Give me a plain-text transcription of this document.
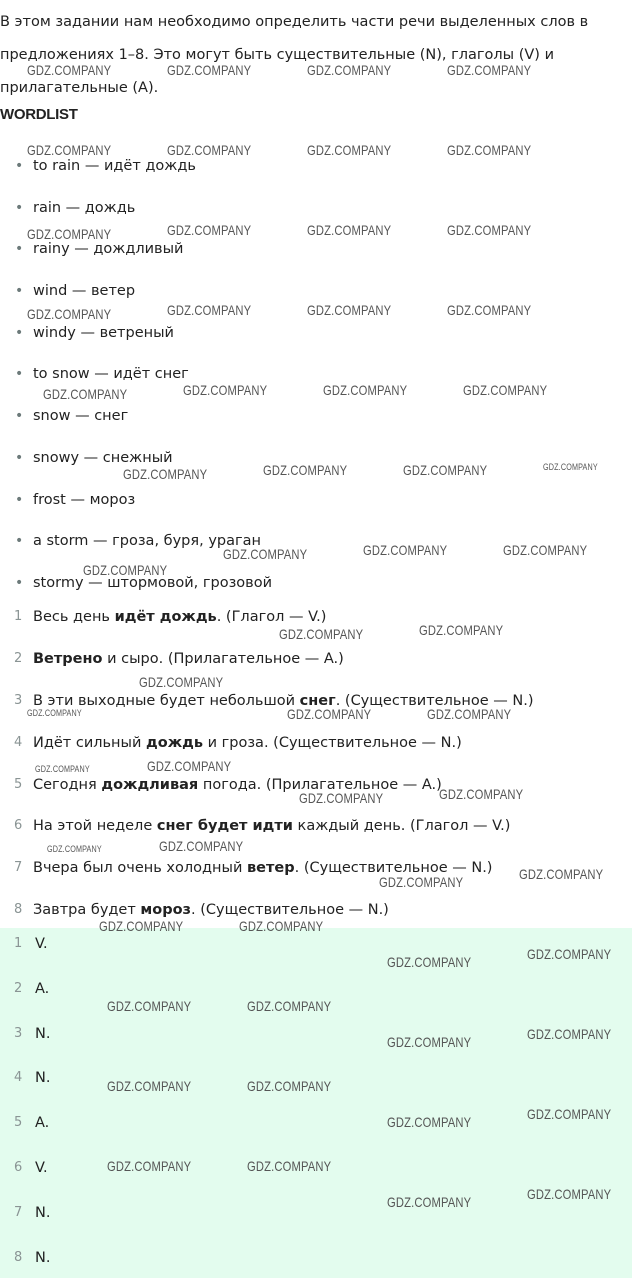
В этом задании нам необходимо определить части речи выделенных слов в предложениях 1–8. Это могут быть существительные (N), глаголы (V) и прилагательные (A).

WORDLIST
• to rain — идёт дождь
• rain — дождь
• rainy — дождливый
• wind — ветер
• windy — ветреный
• to snow — идёт снег
• snow — снег
• snowy — снежный
• frost — мороз
• a storm — гроза, буря, ураган
• stormy — штормовой, грозовой
1 Весь день идёт дождь. (Глагол — V.)
2 Ветрено и сыро. (Прилагательное — A.)
3 В эти выходные будет небольшой снег. (Существительное — N.)
4 Идёт сильный дождь и гроза. (Существительное — N.)
5 Сегодня дождливая погода. (Прилагательное — A.)
6 На этой неделе снег будет идти каждый день. (Глагол — V.)
7 Вчера был очень холодный ветер. (Существительное — N.)
8 Завтра будет мороз. (Существительное — N.)
1 V.
2 A.
3 N.
4 N.
5 A.
6 V.
7 N.
8 N.
GDZ.COMPANY	GDZ.COMPANY	GDZ.COMPANY	GDZ.COMPANY
GDZ.COMPANY	GDZ.COMPANY	GDZ.COMPANY	GDZ.COMPANY
GDZ.COMPANY	GDZ.COMPANY	GDZ.COMPANY	GDZ.COMPANY
GDZ.COMPANY	GDZ.COMPANY	GDZ.COMPANY	GDZ.COMPANY
GDZ.COMPANY	GDZ.COMPANY	GDZ.COMPANY	GDZ.COMPANY
GDZ.COMPANY	GDZ.COMPANY	GDZ.COMPANY	GDZ.COMPANY
GDZ.COMPANY	GDZ.COMPANY	GDZ.COMPANY
GDZ.COMPANY
GDZ.COMPANY	GDZ.COMPANY
GDZ.COMPANY
GDZ.COMPANY	GDZ.COMPANY	GDZ.COMPANY
GDZ.COMPANY	GDZ.COMPANY
GDZ.COMPANY	GDZ.COMPANY
GDZ.COMPANY	GDZ.COMPANY
GDZ.COMPANY	GDZ.COMPANY
GDZ.COMPANY	GDZ.COMPANY
GDZ.COMPANY	GDZ.COMPANY
GDZ.COMPANY	GDZ.COMPANY
GDZ.COMPANY	GDZ.COMPANY
GDZ.COMPANY	GDZ.COMPANY
GDZ.COMPANY	GDZ.COMPANY
GDZ.COMPANY	GDZ.COMPANY
GDZ.COMPANY	GDZ.COMPANY
